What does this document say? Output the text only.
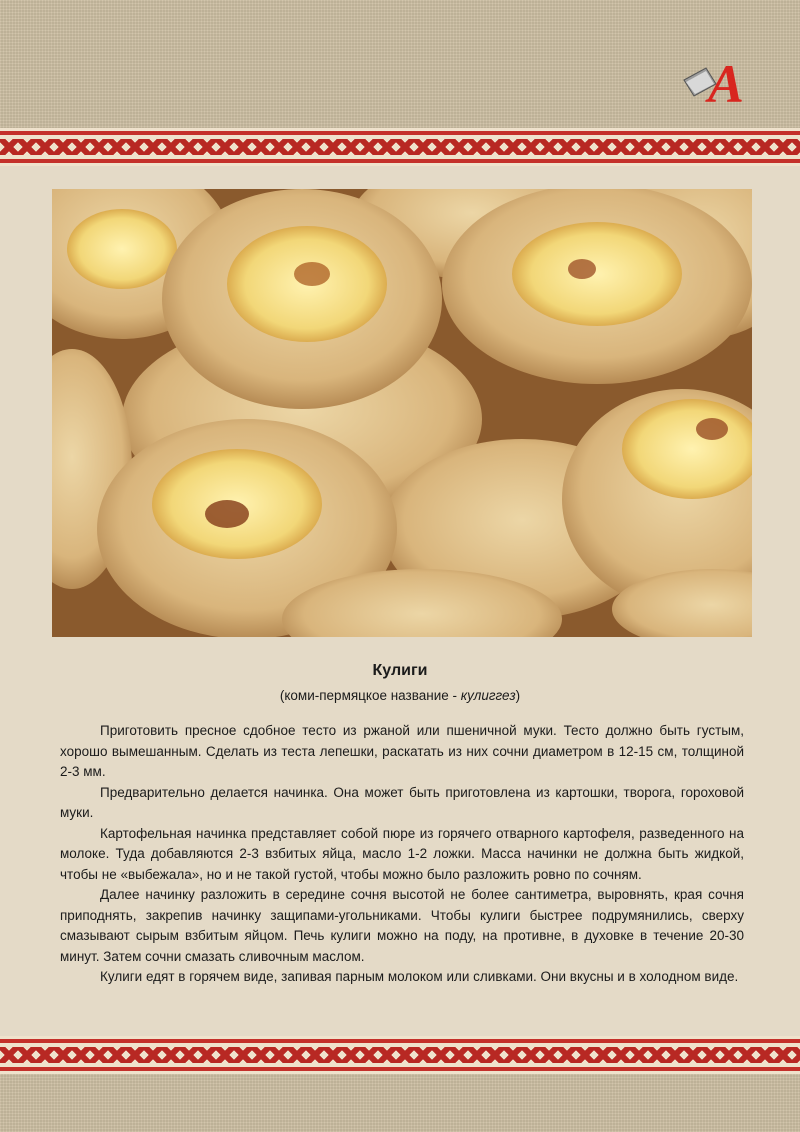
А
Кулиги

(коми-пермяцкое название - кулиггез)

Приготовить пресное сдобное тесто из ржаной или пшеничной муки. Тесто должно быть густым, хорошо вымешанным. Сделать из теста лепешки, раскатать из них сочни диаметром в 12-15 см, толщиной 2-3 мм.

Предварительно делается начинка. Она может быть приготовлена из картошки, творога, гороховой муки.

Картофельная начинка представляет собой пюре из горячего отварного картофеля, разведенного на молоке. Туда добавляются 2-3 взбитых яйца, масло 1-2 ложки. Масса начинки не должна быть жидкой, чтобы не «выбежала», но и не такой густой, чтобы можно было разложить ровно по сочням.

Далее начинку разложить в середине сочня высотой не более сантиметра, выровнять, края сочня приподнять, закрепив начинку защипами-угольниками. Чтобы кулиги быстрее подрумянились, сверху смазывают сырым взбитым яйцом. Печь кулиги можно на поду, на противне, в духовке в течение 20-30 минут. Затем сочни смазать сливочным маслом.

Кулиги едят в горячем виде, запивая парным молоком или сливками. Они вкусны и в холодном виде.
